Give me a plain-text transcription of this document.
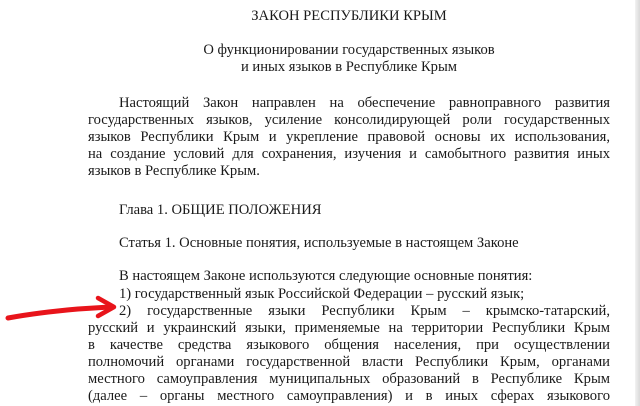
ЗАКОН РЕСПУБЛИКИ КРЫМ
О функционировании государственных языков
и иных языков в Республике Крым
Настоящий Закон направлен на обеспечение равноправного развития
государственных языков, усиление консолидирующей роли государственных
языков Республики Крым и укрепление правовой основы их использования,
на создание условий для сохранения, изучения и самобытного развития иных
языков в Республике Крым.
Глава 1. ОБЩИЕ ПОЛОЖЕНИЯ
Статья 1. Основные понятия, используемые в настоящем Законе
В настоящем Законе используются следующие основные понятия:
1) государственный язык Российской Федерации – русский язык;
2) государственные языки Республики Крым – крымско-татарский,
русский и украинский языки, применяемые на территории Республики Крым
в качестве средства языкового общения населения, при осуществлении
полномочий органами государственной власти Республики Крым, органами
местного самоуправления муниципальных образований в Республике Крым
(далее – органы местного самоуправления) и в иных сферах языкового
